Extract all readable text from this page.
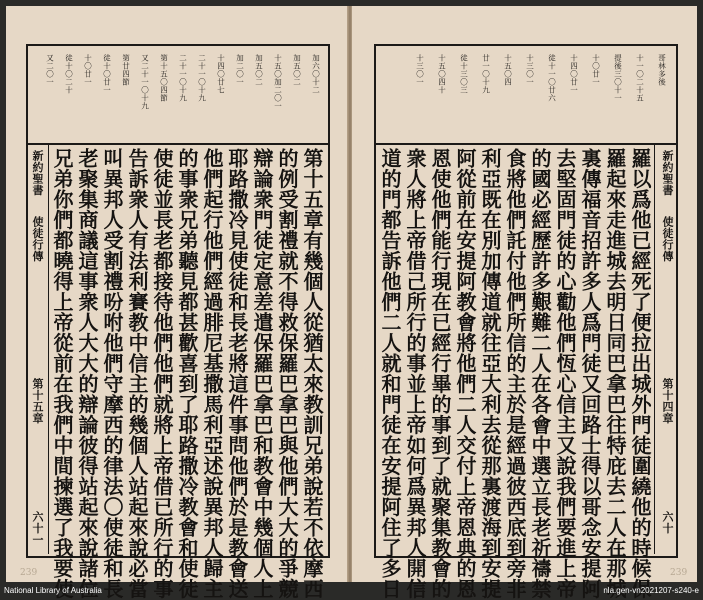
加六〇十二
加五〇二
十五〇加二〇一
加五〇二
加二〇一
十四〇廿七
二十一〇十九
二十一〇十九
第十五〇四節
又二十一〇十九
第廿四節
徒十〇廿一
十〇廿一
徒十〇二十
又二〇一
新約聖書
使徒行傳
第十五章
六十一	第十五章有幾個人從猶太來教訓兄弟說若不依摩西
的例受割禮就不得救保羅巴拿巴與他們大大的爭競
辯論衆門徒定意差遣保羅巴拿巴和教會中幾個人上
耶路撒冷見使徒和長老將這件事問他們於是教會送
他們起行他們經過腓尼基撒馬利亞述說異邦人歸主
的事衆兄弟聽見都甚歡喜到了耶路撒冷教會和使徒
使徒並長老都接待他們他們就將上帝借已所行的事
告訴衆人有法利賽教中信主的幾個人站起來說必當
叫異邦人受割禮吩咐他們守摩西的律法〇使徒和長
老聚集商議這事衆人大大的辯論彼得站起來說諸位
兄弟你們都曉得上帝從前在我們中間揀選了我要使
239
哥林多後
十一〇二十五
提後三〇十一
十〇廿一
十四〇廿一
徒十一〇廿六
十三〇一
十五〇四
廿一〇十九
徒十三〇三
十五〇四十
十三〇一
新約聖書
使徒行傳
第十四章
六十
羅以爲他已經死了便拉出城外門徒圍繞他的時候保
羅起來走進城去明日同巴拿巴往特庇去二人在那城
裏傳福音招許多人爲門徒又回路士得以哥念安提阿
去堅固門徒的心勸他們恆心信主又說我們要進上帝
的國必經歷許多艱難二人在各會中選立長老祈禱禁
食將他們託付他們所信的主於是經過彼西底到旁非
利亞既在別加傳道就往亞大利去從那裏渡海到安提
阿從前在安提阿教會將他們二人交付上帝恩典的恩
恩使他們能行現在已經行畢的事到了就聚集教會的
衆人將上帝借己所行的事並上帝如何爲異邦人開信
道的門都告訴他們二人就和門徒在安提阿住了多日	239
National Library of Australia	nla.gen-vn2021207-s240-e
